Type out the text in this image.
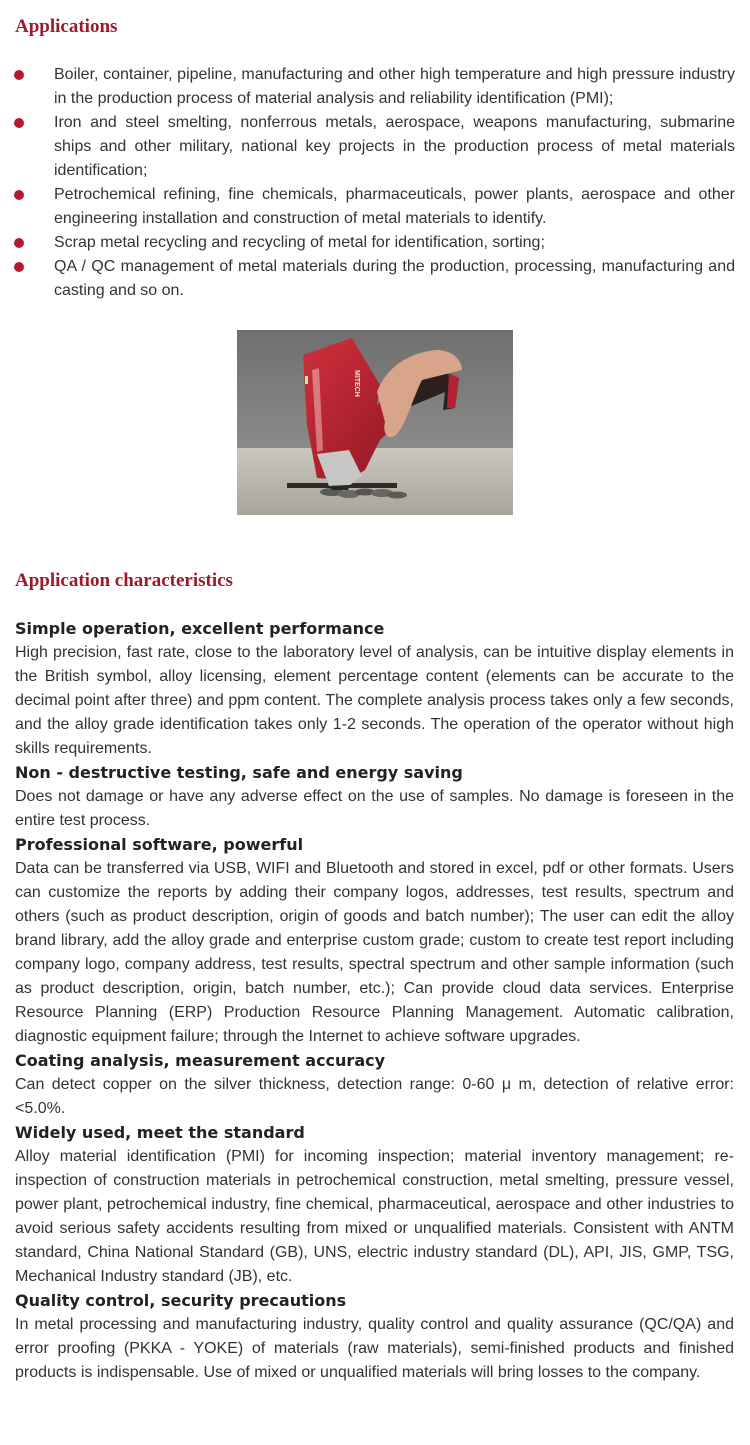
Applications
Boiler, container, pipeline, manufacturing and other high temperature and high pressure industry in the production process of material analysis and reliability identification (PMI);
Iron and steel smelting, nonferrous metals, aerospace, weapons manufacturing, submarine ships and other military, national key projects in the production process of metal materials identification;
Petrochemical refining, fine chemicals, pharmaceuticals, power plants, aerospace and other engineering installation and construction of metal materials to identify.
Scrap metal recycling and recycling of metal for identification, sorting;
QA / QC management of metal materials during the production, processing, manufacturing and casting and so on.
MITECH
Application characteristics
Simple operation, excellent performance
High precision, fast rate, close to the laboratory level of analysis, can be intuitive display elements in the British symbol, alloy licensing, element percentage content (elements can be accurate to the decimal point after three) and ppm content. The complete analysis process takes only a few seconds, and the alloy grade identification takes only 1-2 seconds. The operation of the operator without high skills requirements.
Non - destructive testing, safe and energy saving
Does not damage or have any adverse effect on the use of samples. No damage is foreseen in the entire test process.
Professional software, powerful
Data can be transferred via USB, WIFI and Bluetooth and stored in excel, pdf or other formats. Users can customize the reports by adding their company logos, addresses, test results, spectrum and others (such as product description, origin of goods and batch number); The user can edit the alloy brand library, add the alloy grade and enterprise custom grade; custom to create test report including company logo, company address, test results, spectral spectrum and other sample information (such as product description, origin, batch number, etc.); Can provide cloud data services. Enterprise Resource Planning (ERP) Production Resource Planning Management. Automatic calibration, diagnostic equipment failure; through the Internet to achieve software upgrades.
Coating analysis, measurement accuracy
Can detect copper on the silver thickness, detection range: 0-60 μ m, detection of relative error: <5.0%.
Widely used, meet the standard
Alloy material identification (PMI) for incoming inspection; material inventory management; re-inspection of construction materials in petrochemical construction, metal smelting, pressure vessel, power plant, petrochemical industry, fine chemical, pharmaceutical, aerospace and other industries to avoid serious safety accidents resulting from mixed or unqualified materials. Consistent with ANTM standard, China National Standard (GB), UNS, electric industry standard (DL), API, JIS, GMP, TSG, Mechanical Industry standard (JB), etc.
Quality control, security precautions
In metal processing and manufacturing industry, quality control and quality assurance (QC/QA) and error proofing (PKKA - YOKE) of materials (raw materials), semi-finished products and finished products is indispensable. Use of mixed or unqualified materials will bring losses to the company.
